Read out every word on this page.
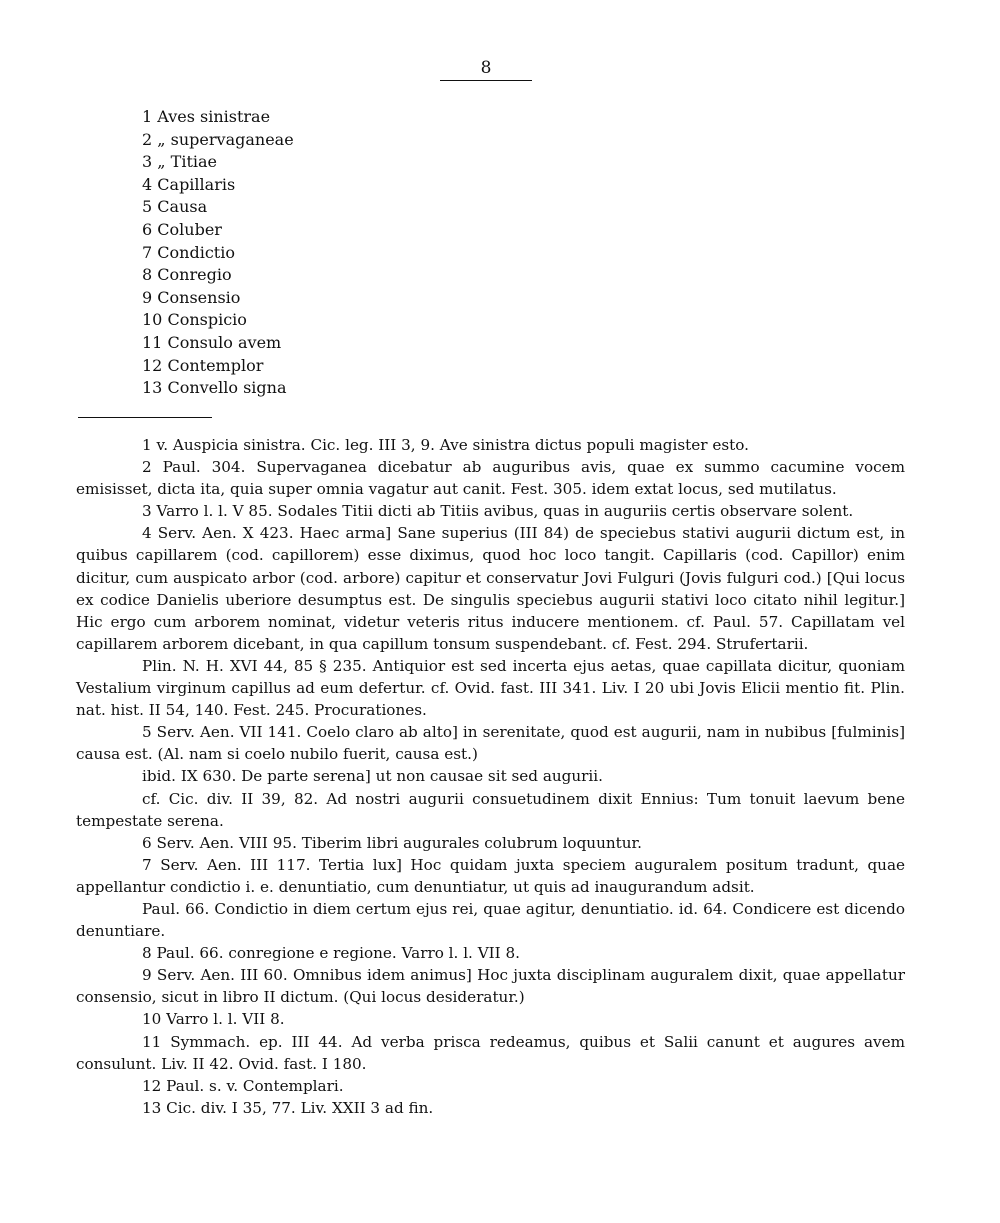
8
1 Aves sinistrae
2 „ supervaganeae
3 „ Titiae
4 Capillaris
5 Causa
6 Coluber
7 Condictio
8 Conregio
9 Consensio
10 Conspicio
11 Consulo avem
12 Contemplor
13 Convello signa

1 v. Auspicia sinistra. Cic. leg. III 3, 9. Ave sinistra dictus populi magister esto.

2 Paul. 304. Supervaganea dicebatur ab auguribus avis, quae ex summo cacumine vocem emisisset, dicta ita, quia super omnia vagatur aut canit. Fest. 305. idem extat locus, sed mutilatus.

3 Varro l. l. V 85. Sodales Titii dicti ab Titiis avibus, quas in auguriis certis observare solent.

4 Serv. Aen. X 423. Haec arma] Sane superius (III 84) de speciebus stativi augurii dictum est, in quibus capillarem (cod. capillorem) esse diximus, quod hoc loco tangit. Capillaris (cod. Capillor) enim dicitur, cum auspicato arbor (cod. arbore) capitur et conservatur Jovi Fulguri (Jovis fulguri cod.) [Qui locus ex codice Danielis uberiore desumptus est. De singulis speciebus augurii stativi loco citato nihil legitur.] Hic ergo cum arborem nominat, videtur veteris ritus inducere mentionem. cf. Paul. 57. Capillatam vel capillarem arborem dicebant, in qua capillum tonsum suspendebant. cf. Fest. 294. Strufertarii.

Plin. N. H. XVI 44, 85 § 235. Antiquior est sed incerta ejus aetas, quae capillata dicitur, quoniam Vestalium virginum capillus ad eum defertur. cf. Ovid. fast. III 341. Liv. I 20 ubi Jovis Elicii mentio fit. Plin. nat. hist. II 54, 140. Fest. 245. Procurationes.

5 Serv. Aen. VII 141. Coelo claro ab alto] in serenitate, quod est augurii, nam in nubibus [fulminis] causa est. (Al. nam si coelo nubilo fuerit, causa est.)

ibid. IX 630. De parte serena] ut non causae sit sed augurii.

cf. Cic. div. II 39, 82. Ad nostri augurii consuetudinem dixit Ennius: Tum tonuit laevum bene tempestate serena.

6 Serv. Aen. VIII 95. Tiberim libri augurales colubrum loquuntur.

7 Serv. Aen. III 117. Tertia lux] Hoc quidam juxta speciem auguralem positum tradunt, quae appellantur condictio i. e. denuntiatio, cum denuntiatur, ut quis ad inaugurandum adsit.

Paul. 66. Condictio in diem certum ejus rei, quae agitur, denuntiatio. id. 64. Condicere est dicendo denuntiare.

8 Paul. 66. conregione e regione. Varro l. l. VII 8.

9 Serv. Aen. III 60. Omnibus idem animus] Hoc juxta disciplinam auguralem dixit, quae appellatur consensio, sicut in libro II dictum. (Qui locus desideratur.)

10 Varro l. l. VII 8.

11 Symmach. ep. III 44. Ad verba prisca redeamus, quibus et Salii canunt et augures avem consulunt. Liv. II 42. Ovid. fast. I 180.

12 Paul. s. v. Contemplari.

13 Cic. div. I 35, 77. Liv. XXII 3 ad fin.
